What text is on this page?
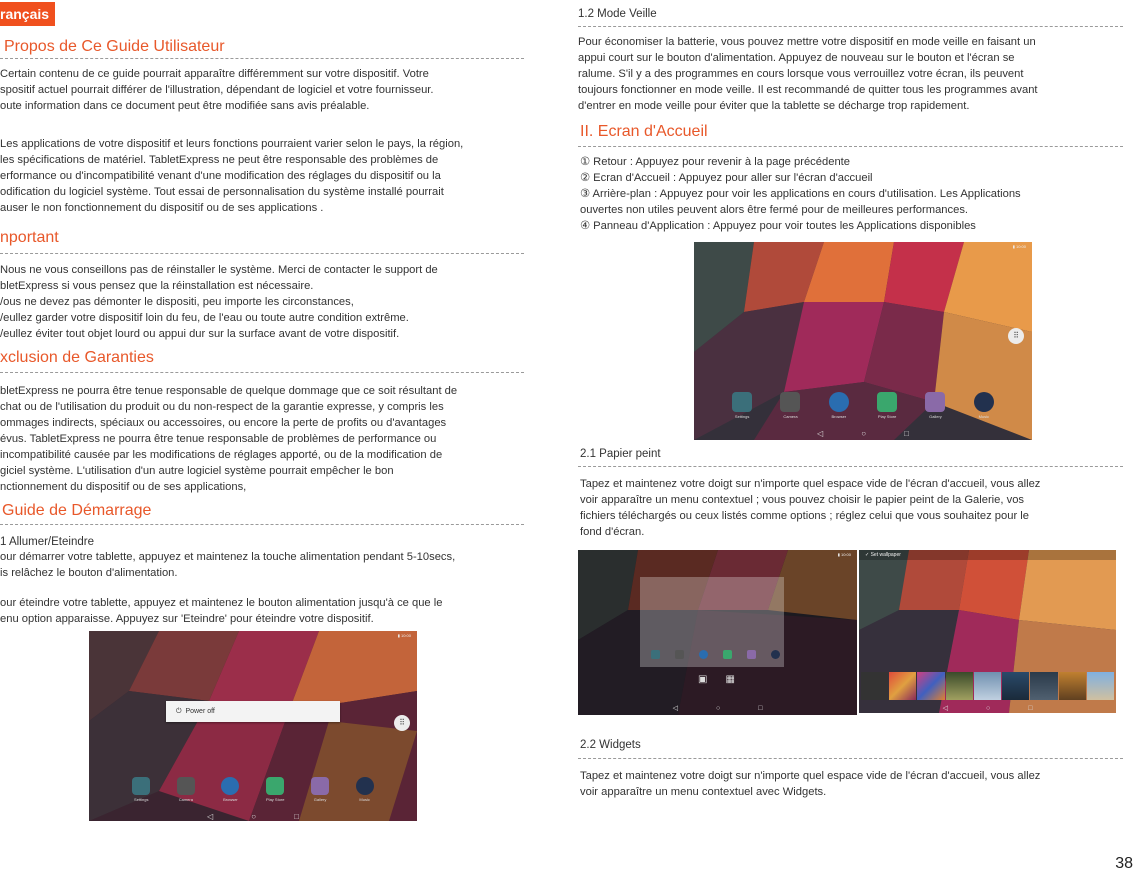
rançais
Propos de Ce Guide Utilisateur
Certain contenu de ce guide pourrait apparaître différemment sur votre dispositif. Votre
spositif actuel pourrait différer de l'illustration, dépendant de logiciel et votre fournisseur.
oute information dans ce document peut être modifiée sans avis préalable.
Les applications de votre dispositif et leurs fonctions pourraient varier selon le pays, la région,
les spécifications de matériel. TabletExpress ne peut être responsable des problèmes de
erformance ou d'incompatibilité venant d'une modification des réglages du dispositif ou la
odification du logiciel système. Tout essai de personnalisation du système installé pourrait
auser le non fonctionnement du dispositif ou de ses applications .
nportant
Nous ne vous conseillons pas de réinstaller le système. Merci de contacter le support de
bletExpress si vous pensez que la réinstallation est nécessaire.
/ous ne devez pas démonter le dispositi, peu importe les circonstances,
/eullez garder votre dispositif loin du feu, de l'eau ou toute autre condition extrême.
/eullez éviter tout objet lourd ou appui dur sur la surface avant de votre dispositif.
xclusion de Garanties
bletExpress ne pourra être tenue responsable de quelque dommage que ce soit résultant de
chat ou de l'utilisation du produit ou du non-respect de la garantie expresse, y compris les
ommages indirects, spéciaux ou accessoires, ou encore la perte de profits ou d'avantages
évus. TabletExpress ne pourra être tenue responsable de problèmes de performance ou
incompatibilité causée par les modifications de réglages apporté, ou de la modification de
giciel système. L'utilisation d'un autre logiciel système pourrait empêcher le bon
nctionnement du dispositif ou de ses applications,
Guide de Démarrage
1 Allumer/Eteindre
our démarrer votre tablette, appuyez et maintenez la touche alimentation pendant 5-10secs,
is relâchez le bouton d'alimentation.
our éteindre votre tablette, appuyez et maintenez le bouton alimentation jusqu'à ce que le
enu option apparaisse. Appuyez sur 'Eteindre' pour éteindre votre dispositif.
▮ 10:00
⏻  Power off
⠿
Settings	Camera	Browser	Play Store	Gallery	Music
◁	○	□
1.2 Mode Veille
Pour économiser la batterie, vous pouvez mettre votre dispositif en mode veille en faisant un
appui court sur le bouton d'alimentation. Appuyez de nouveau sur le bouton et l'écran se
ralume. S'il y a des programmes en cours lorsque vous verrouillez votre écran, ils peuvent
toujours fonctionner en mode veille. Il est recommandé de quitter tous les programmes avant
d'entrer en mode veille pour éviter que la tablette se décharge trop rapidement.
II. Ecran d'Accueil
① Retour : Appuyez pour revenir à la page précédente
② Ecran d'Accueil : Appuyez pour aller sur l'écran d'accueil
③ Arrière-plan : Appuyez pour voir les applications en cours d'utilisation. Les Applications
ouvertes non utiles peuvent alors être fermé pour de meilleures performances.
④ Panneau d'Application : Appuyez pour voir toutes les Applications disponibles
▮ 10:00
⠿
Settings	Camera	Browser	Play Store	Gallery	Music
◁	○	□
2.1 Papier peint
Tapez et maintenez votre doigt sur n'importe quel espace vide de l'écran d'accueil, vous allez
voir apparaître un menu contextuel ; vous pouvez choisir le papier peint de la Galerie, vos
fichiers téléchargés ou ceux listés comme options ; réglez celui que vous souhaitez pour le
fond d'écran.
▮ 10:00
▣ ▦
◁	○	□
✓ Set wallpaper
◁	○	□
2.2 Widgets
Tapez et maintenez votre doigt sur n'importe quel espace vide de l'écran d'accueil, vous allez
voir apparaître un menu contextuel avec Widgets.
38
